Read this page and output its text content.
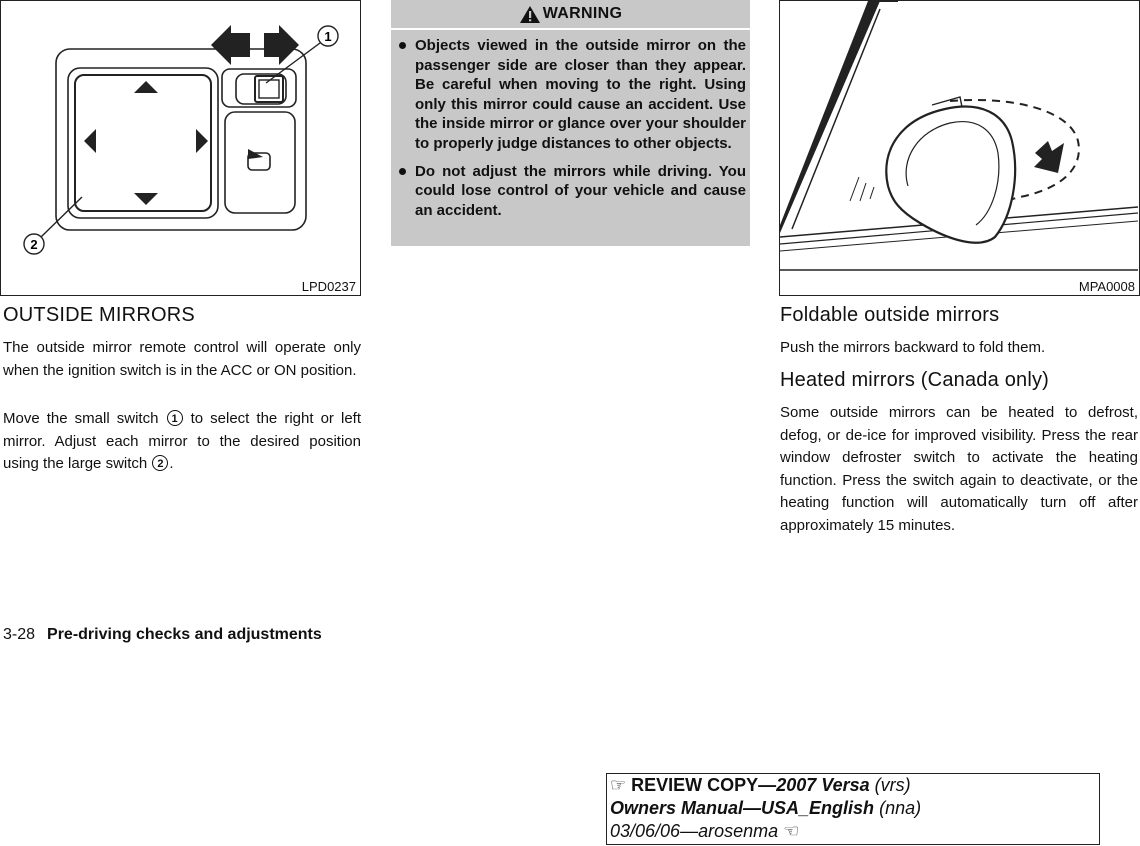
1
2
LPD0237
OUTSIDE MIRRORS
The outside mirror remote control will operate only when the ignition switch is in the ACC or ON position.
Move the small switch 1 to select the right or left mirror. Adjust each mirror to the desired position using the large switch 2 .
WARNING
Objects viewed in the outside mirror on the passenger side are closer than they appear. Be careful when moving to the right. Using only this mirror could cause an accident. Use the inside mirror or glance over your shoulder to properly judge distances to other objects.
Do not adjust the mirrors while driving. You could lose control of your vehicle and cause an accident.
MPA0008
Foldable outside mirrors
Push the mirrors backward to fold them.
Heated mirrors (Canada only)
Some outside mirrors can be heated to defrost, defog, or de-ice for improved visibility. Press the rear window defroster switch to activate the heating function. Press the switch again to deactivate, or the heating function will automatically turn off after approximately 15 minutes.
3-28 Pre-driving checks and adjustments
☞ REVIEW COPY—2007 Versa (vrs)
Owners Manual—USA_English (nna)
03/06/06—arosenma ☜
